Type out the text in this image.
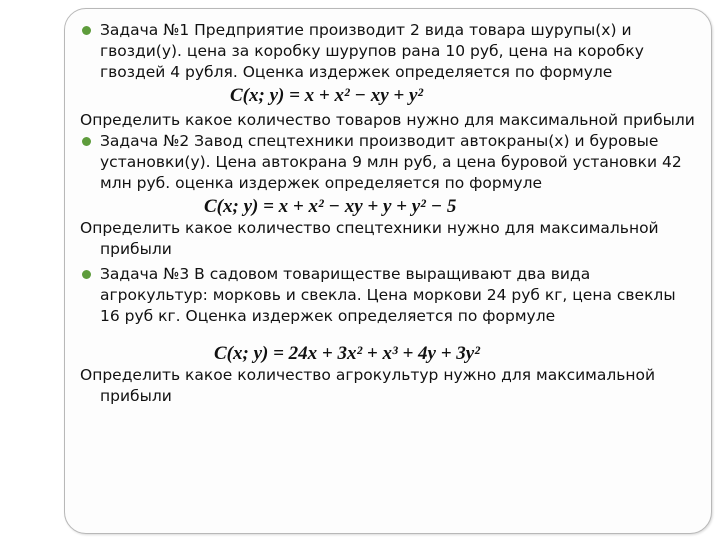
Задача №1 Предприятие производит 2 вида товара шурупы(x) и гвозди(y). цена за коробку шурупов рана 10 руб, цена на коробку гвоздей 4 рубля. Оценка издержек определяется по формуле

C(x; y) = x + x² − xy + y²

Определить какое количество товаров нужно для максимальной прибыли

Задача №2 Завод спецтехники производит автокраны(x) и буровые установки(y). Цена автокрана 9 млн руб, а цена буровой установки 42 млн руб. оценка издержек определяется по формуле

C(x; y) = x + x² − xy + y + y² − 5

Определить какое количество спецтехники нужно для максимальной прибыли

Задача №3 В садовом товариществе выращивают два вида агрокультур: морковь и свекла. Цена моркови 24 руб кг, цена свеклы 16 руб кг. Оценка издержек определяется по формуле

C(x; y) = 24x + 3x² + x³ + 4y + 3y²

Определить какое количество агрокультур нужно для максимальной прибыли
